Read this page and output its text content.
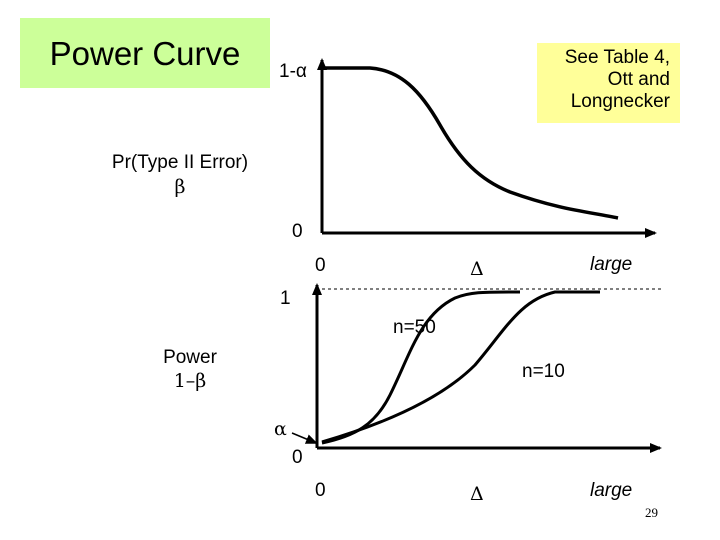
Power Curve	See Table 4,
Ott and
Longnecker
1-α
Pr(Type II Error)
β
0
0	Δ	large
1
n=50
Power
1–β	n=10
α
0
0	Δ	large
29
